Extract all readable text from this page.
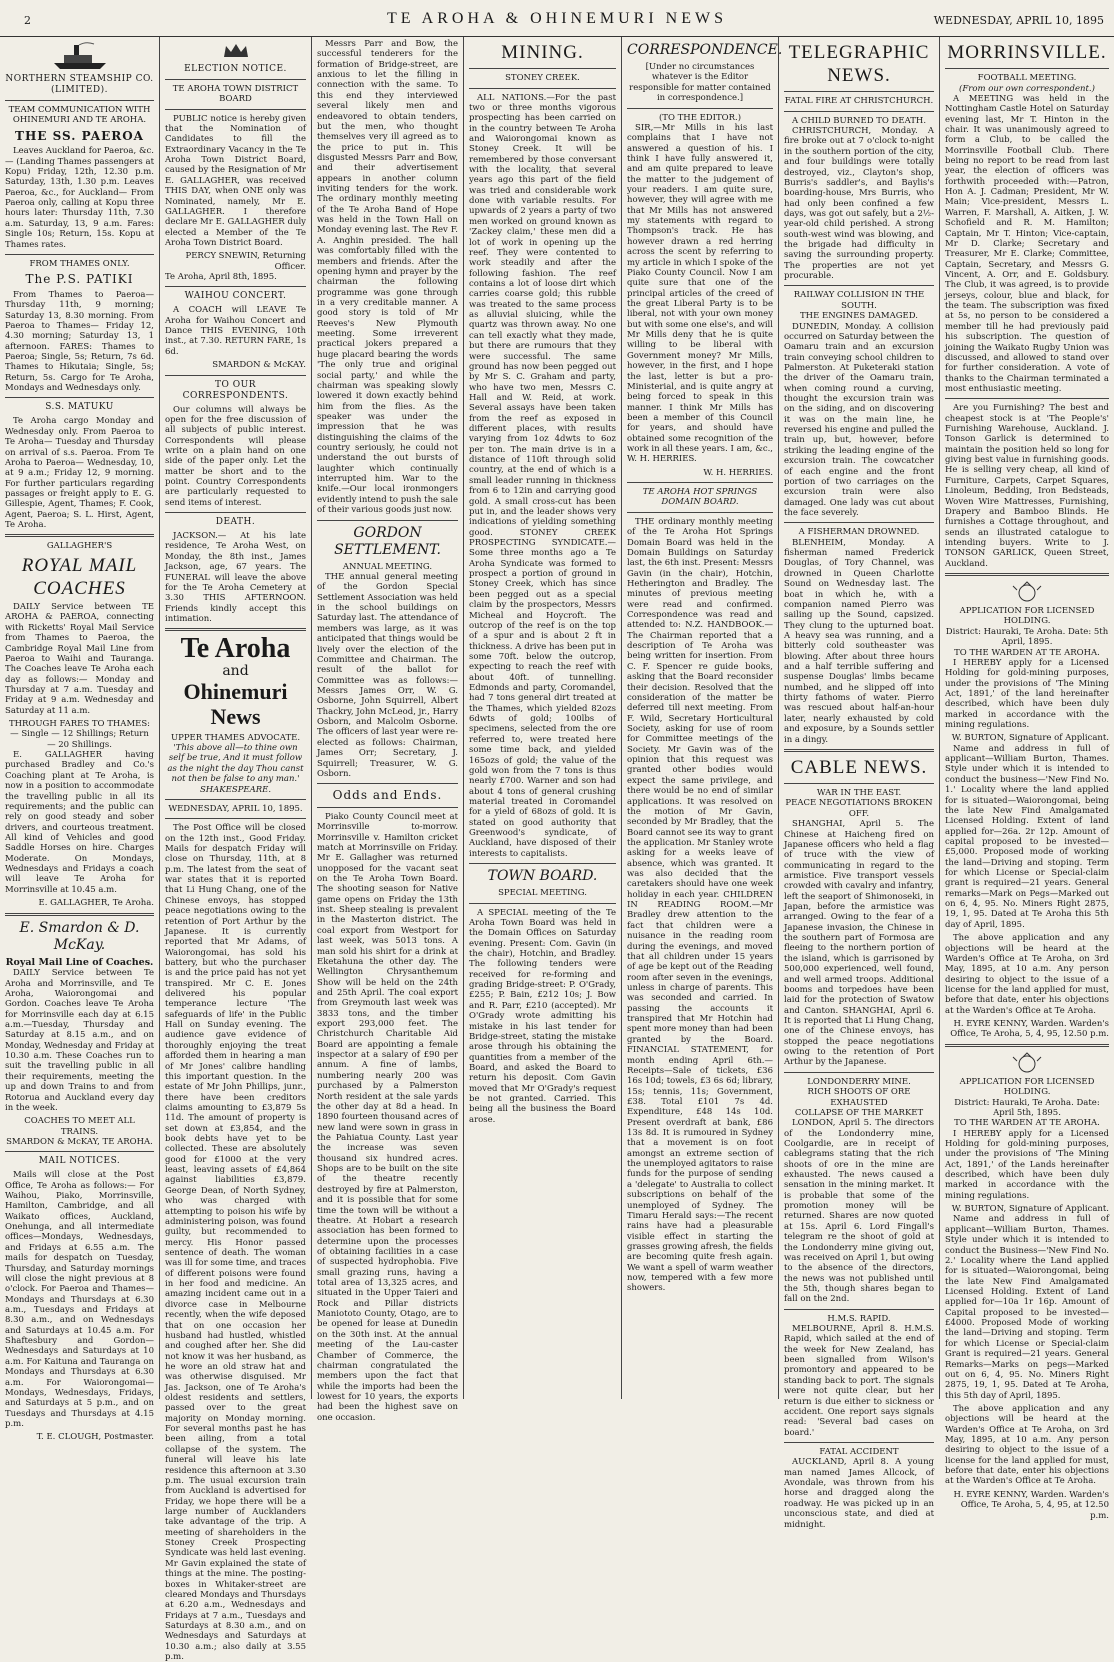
2	TE AROHA & OHINEMURI NEWS	WEDNESDAY, APRIL 10, 1895
NORTHERN STEAMSHIP CO. (LIMITED).
TEAM COMMUNICATION WITH OHINEMURI AND TE AROHA.
THE SS. PAEROA

Leaves Auckland for Paeroa, &c.— (Landing Thames passengers at Kopu) Friday, 12th, 12.30 p.m. Saturday, 13th, 1.30 p.m. Leaves Paeroa, &c., for Auckland— From Paeroa only, calling at Kopu three hours later: Thursday 11th, 7.30 a.m. Saturday, 13, 9 a.m. Fares: Single 10s; Return, 15s. Kopu at Thames rates.

FROM THAMES ONLY.
The P.S. PATIKI

From Thames to Paeroa— Thursday 11th, 9 morning; Saturday 13, 8.30 morning. From Paeroa to Thames— Friday 12, 4.30 morning; Saturday 13, 1 afternoon. FARES: Thames to Paeroa; Single, 5s; Return, 7s 6d. Thames to Hikutaia; Single, 5s; Return, 5s. Cargo for Te Aroha, Mondays and Wednesdays only.

S.S. MATUKU

Te Aroha cargo Monday and Wednesday only. From Paeroa to Te Aroha— Tuesday and Thursday on arrival of s.s. Paeroa. From Te Aroha to Paeroa— Wednesday, 10, at 9 a.m.; Friday 12, 9 morning. For further particulars regarding passages or freight apply to E. G. Gillespie, Agent, Thames; F. Cook, Agent, Paeroa; S. L. Hirst, Agent, Te Aroha.

GALLAGHER'S
ROYAL MAIL COACHES

DAILY Service between TE AROHA & PAEROA, connecting with Ricketts' Royal Mail Service from Thames to Paeroa, the Cambridge Royal Mail Line from Paeroa to Waihi and Tauranga. The Coaches leave Te Aroha each day as follows:— Monday and Thursday at 7 a.m. Tuesday and Friday at 9 a.m. Wednesday and Saturday at 11 a.m.

THROUGH FARES TO THAMES:— Single — 12 Shillings; Return — 20 Shillings.

E. GALLAGHER having purchased Bradley and Co.'s Coaching plant at Te Aroha, is now in a position to accommodate the travelling public in all its requirements; and the public can rely on good steady and sober drivers, and courteous treatment. All kind of Vehicles and good Saddle Horses on hire. Charges Moderate. On Mondays, Wednesdays and Fridays a coach will leave Te Aroha for Morrinsville at 10.45 a.m.

E. GALLAGHER, Te Aroha.
E. Smardon & D. McKay.
Royal Mail Line of Coaches.

DAILY Service between Te Aroha and Morrinsville, and Te Aroha, Waiorongomai and Gordon. Coaches leave Te Aroha for Morrinsville each day at 6.15 a.m.—Tuesday, Thursday and Saturday at 8.15 a.m., and on Monday, Wednesday and Friday at 10.30 a.m. These Coaches run to suit the travelling public in all their requirements, meeting the up and down Trains to and from Rotorua and Auckland every day in the week.

COACHES TO MEET ALL TRAINS.
SMARDON & McKAY, TE AROHA.
MAIL NOTICES.

Mails will close at the Post Office, Te Aroha as follows:— For Waihou, Piako, Morrinsville, Hamilton, Cambridge, and all Waikato offices, Auckland, Onehunga, and all intermediate offices—Mondays, Wednesdays, and Fridays at 6.55 a.m. The mails for despatch on Tuesday, Thursday, and Saturday mornings will close the night previous at 8 o'clock. For Paeroa and Thames—Mondays and Thursdays at 6.30 a.m., Tuesdays and Fridays at 8.30 a.m., and on Wednesdays and Saturdays at 10.45 a.m. For Shaftesbury and Gordon—Wednesdays and Saturdays at 10 a.m. For Kaituna and Tauranga on Mondays and Thursdays at 6.30 a.m. For Waiorongomai—Mondays, Wednesdays, Fridays, and Saturdays at 5 p.m., and on Tuesdays and Thursdays at 4.15 p.m.

T. E. CLOUGH, Postmaster.
ELECTION NOTICE.
TE AROHA TOWN DISTRICT BOARD

PUBLIC notice is hereby given that the Nomination of Candidates to fill the Extraordinary Vacancy in the Te Aroha Town District Board, caused by the Resignation of Mr E. GALLAGHER, was received THIS DAY, when ONE only was Nominated, namely, Mr E. GALLAGHER. I therefore declare Mr E. GALLAGHER duly elected a Member of the Te Aroha Town District Board.

PERCY SNEWIN, Returning Officer.
Te Aroha, April 8th, 1895.
WAIHOU CONCERT.

A COACH will LEAVE Te Aroha for Waihou Concert and Dance THIS EVENING, 10th inst., at 7.30. RETURN FARE, 1s 6d.

SMARDON & McKAY.
TO OUR CORRESPONDENTS.

Our columns will always be open for the free discussion of all subjects of public interest. Correspondents will please write on a plain hand on one side of the paper only. Let the matter be short and to the point. Country Correspondents are particularly requested to send items of interest.

DEATH.

JACKSON.— At his late residence, Te Aroha West, on Monday, the 8th inst., James Jackson, age, 67 years. The FUNERAL will leave the above for the Te Aroha Cemetery at 3.30 THIS AFTERNOON. Friends kindly accept this intimation.

Te Aroha
and
Ohinemuri News
UPPER THAMES ADVOCATE.
'This above all—to thine own self be true, And it must follow as the night the day Thou canst not then be false to any man.' SHAKESPEARE.
WEDNESDAY, APRIL 10, 1895.

The Post Office will be closed on the 12th inst., Good Friday. Mails for despatch Friday will close on Thursday, 11th, at 8 p.m. The latest from the seat of war states that it is reported that Li Hung Chang, one of the Chinese envoys, has stopped peace negotiations owing to the retention of Port Arthur by the Japanese. It is currently reported that Mr Adams, of Waiorongomai, has sold his battery, but who the purchaser is and the price paid has not yet transpired. Mr C. E. Jones delivered his popular temperance lecture 'The safeguards of life' in the Public Hall on Sunday evening. The audience gave evidence of thoroughly enjoying the treat afforded them in hearing a man of Mr Jones' calibre handling this important question. In the estate of Mr John Phillips, junr., there have been creditors claims amounting to £3,879 5s 11d. The amount of property is set down at £3,854, and the book debts have yet to be collected. These are absolutely good for £1000 at the very least, leaving assets of £4,864 against liabilities £3,879. George Dean, of North Sydney, who was charged with attempting to poison his wife by administering poison, was found guilty, but recommended to mercy. His Honor passed sentence of death. The woman was ill for some time, and traces of different poisons were found in her food and medicine. An amazing incident came out in a divorce case in Melbourne recently, when the wife deposed that on one occasion her husband had hustled, whistled and coughed after her. She did not know it was her husband, as he wore an old straw hat and was otherwise disguised. Mr Jas. Jackson, one of Te Aroha's oldest residents and settlers, passed over to the great majority on Monday morning. For several months past he has been ailing, from a total collapse of the system. The funeral will leave his late residence this afternoon at 3.30 p.m. The usual excursion train from Auckland is advertised for Friday, we hope there will be a large number of Aucklanders take advantage of the trip. A meeting of shareholders in the Stoney Creek Prospecting Syndicate was held last evening. Mr Gavin explained the state of things at the mine. The posting-boxes in Whitaker-street are cleared Mondays and Thursdays at 6.20 a.m., Wednesdays and Fridays at 7 a.m., Tuesdays and Saturdays at 8.30 a.m., and on Wednesdays and Saturdays at 10.30 a.m.; also daily at 3.55 p.m.

Messrs Parr and Bow, the successful tenderers for the formation of Bridge-street, are anxious to let the filling in connection with the same. To this end they interviewed several likely men and endeavored to obtain tenders, but the men, who thought themselves very ill agreed as to the price to put in. This disgusted Messrs Parr and Bow, and their advertisement appears in another column inviting tenders for the work. The ordinary monthly meeting of the Te Aroha Band of Hope was held in the Town Hall on Monday evening last. The Rev F. A. Anghin presided. The hall was comfortably filled with the members and friends. After the opening hymn and prayer by the chairman the following programme was gone through in a very creditable manner. A good story is told of Mr Reeves's New Plymouth meeting. Some irreverent practical jokers prepared a huge placard bearing the words 'The only true and original social party,' and while the chairman was speaking slowly lowered it down exactly behind him from the flies. As the speaker was under the impression that he was distinguishing the claims of the country seriously, he could not understand the out bursts of laughter which continually interrupted him. War to the knife.—Our local ironmongers evidently intend to push the sale of their various goods just now.

GORDON SETTLEMENT.
ANNUAL MEETING.

THE annual general meeting of the Gordon Special Settlement Association was held in the school buildings on Saturday last. The attendance of members was large, as it was anticipated that things would be lively over the election of the Committee and Chairman. The result of the ballot for Committee was as follows:—Messrs James Orr, W. G. Osborne, John Squirrell, Albert Thackry, John McLeod, jr., Harry Osborn, and Malcolm Osborne. The officers of last year were re-elected as follows: Chairman, James Orr; Secretary, J. Squirrell; Treasurer, W. G. Osborn.

Odds and Ends.

Piako County Council meet at Morrinsville to-morrow. Morrinsville v. Hamilton cricket match at Morrinsville on Friday. Mr E. Gallagher was returned unopposed for the vacant seat on the Te Aroha Town Board. The shooting season for Native game opens on Friday the 13th inst. Sheep stealing is prevalent in the Masterton district. The coal export from Westport for last week, was 5013 tons. A man sold his shirt for a drink at Eketahuna the other day. The Wellington Chrysanthemum Show will be held on the 24th and 25th April. The coal export from Greymouth last week was 3833 tons, and the timber export 293,000 feet. The Christchurch Charitable Aid Board are appointing a female inspector at a salary of £90 per annum. A fine of lambs, numbering nearly 200 was purchased by a Palmerston North resident at the sale yards the other day at 8d a head. In 1890 fourteen thousand acres of new land were sown in grass in the Pahiatua County. Last year the increase was seven thousand six hundred acres. Shops are to be built on the site of the theatre recently destroyed by fire at Palmerston, and it is possible that for some time the town will be without a theatre. At Hobart a research association has been formed to determine upon the processes of obtaining facilities in a case of suspected hydrophobia. Five small grazing runs, having a total area of 13,325 acres, and situated in the Upper Taieri and Rock and Pillar districts Maniototo County, Otago, are to be opened for lease at Dunedin on the 30th inst. At the annual meeting of the Lau-caster Chamber of Commerce, the chairman congratulated the members upon the fact that while the imports had been the lowest for 10 years, the exports had been the highest save on one occasion.

MINING.
STONEY CREEK.

ALL NATIONS.—For the past two or three months vigorous prospecting has been carried on in the country between Te Aroha and Waiorongomai known as Stoney Creek. It will be remembered by those conversant with the locality, that several years ago this part of the field was tried and considerable work done with variable results. For upwards of 2 years a party of two men worked on ground known as 'Zackey claim,' these men did a lot of work in opening up the reef. They were contented to work steadily and after the following fashion. The reef contains a lot of loose dirt which carries coarse gold; this rubble was treated to the same process as alluvial sluicing, while the quartz was thrown away. No one can tell exactly what they made, but there are rumours that they were successful. The same ground has now been pegged out by Mr S. C. Graham and party, who have two men, Messrs C. Hall and W. Reid, at work. Several assays have been taken from the reef as exposed in different places, with results varying from 1oz 4dwts to 6oz per ton. The main drive is in a distance of 110ft through solid country, at the end of which is a small leader running in thickness from 6 to 12in and carrying good gold. A small cross-cut has been put in, and the leader shows very indications of yielding something good. STONEY CREEK PROSPECTING SYNDICATE.—Some three months ago a Te Aroha Syndicate was formed to prospect a portion of ground in Stoney Creek, which has since been pegged out as a special claim by the prospectors, Messrs Micheal and Hoycroft. The outcrop of the reef is on the top of a spur and is about 2 ft in thickness. A drive has been put in some 70ft. below the outcrop, expecting to reach the reef with about 40ft. of tunnelling. Edmonds and party, Coromandel, had 7 tons general dirt treated at the Thames, which yielded 82ozs 6dwts of gold; 100lbs of specimens, selected from the ore referred to, were treated here some time back, and yielded 165ozs of gold; the value of the gold won from the 7 tons is thus nearly £700. Warner and son had about 4 tons of general crushing material treated in Coromandel for a yield of 68ozs of gold. It is stated on good authority that Greenwood's syndicate, of Auckland, have disposed of their interests to capitalists.

TOWN BOARD.
SPECIAL MEETING.

A SPECIAL meeting of the Te Aroha Town Board was held in the Domain Offices on Saturday evening. Present: Com. Gavin (in the chair), Hotchin, and Bradley. The following tenders were received for re-forming and grading Bridge-street: P. O'Grady, £255; P. Bain, £212 10s; J. Bow and R. Parr, £210 (accepted). Mr O'Grady wrote admitting his mistake in his last tender for Bridge-street, stating the mistake arose through his obtaining the quantities from a member of the Board, and asked the Board to return his deposit. Com Gavin moved that Mr O'Grady's request be not granted. Carried. This being all the business the Board arose.

CORRESPONDENCE.
[Under no circumstances whatever is the Editor responsible for matter contained in correspondence.]
(TO THE EDITOR.)

SIR,—Mr Mills in his last complains that I have not answered a question of his. I think I have fully answered it, and am quite prepared to leave the matter to the judgement of your readers. I am quite sure, however, they will agree with me that Mr Mills has not answered my statements with regard to Thompson's track. He has however drawn a red herring across the scent by referring to my article in which I spoke of the Piako County Council. Now I am quite sure that one of the principal articles of the creed of the great Liberal Party is to be liberal, not with your own money but with some one else's, and will Mr Mills deny that he is quite willing to be liberal with Government money? Mr Mills, however, in the first, and I hope the last, letter is but a pro-Ministerial, and is quite angry at being forced to speak in this manner. I think Mr Mills has been a member of this Council for years, and should have obtained some recognition of the work in all these years. I am, &c., W. H. HERRIES.

W. H. HERRIES.
TE AROHA HOT SPRINGS DOMAIN BOARD.

THE ordinary monthly meeting of the Te Aroha Hot Springs Domain Board was held in the Domain Buildings on Saturday last, the 6th inst. Present: Messrs Gavin (in the chair), Hotchin, Hetherington and Bradley. The minutes of previous meeting were read and confirmed. Correspondence was read and attended to: N.Z. HANDBOOK.—The Chairman reported that a description of Te Aroha was being written for insertion. From C. F. Spencer re guide books, asking that the Board reconsider their decision. Resolved that the consideration of the matter be deferred till next meeting. From F. Wild, Secretary Horticultural Society, asking for use of room for Committee meetings of the Society. Mr Gavin was of the opinion that this request was granted other bodies would expect the same privilege, and there would be no end of similar applications. It was resolved on the motion of Mr Gavin, seconded by Mr Bradley, that the Board cannot see its way to grant the application. Mr Stanley wrote asking for a weeks leave of absence, which was granted. It was also decided that the caretakers should have one week holiday in each year. CHILDREN IN READING ROOM.—Mr Bradley drew attention to the fact that children were a nuisance in the reading room during the evenings, and moved that all children under 15 years of age be kept out of the Reading room after seven in the evenings, unless in charge of parents. This was seconded and carried. In passing the accounts it transpired that Mr Hotchin had spent more money than had been granted by the Board. FINANCIAL STATEMENT, for month ending April 6th.—Receipts—Sale of tickets, £36 16s 10d; towels, £3 6s 6d; library, 15s; tennis, 11s; Government, £38. Total £101 7s 4d. Expenditure, £48 14s 10d. Present overdraft at bank, £86 13s 8d. It is rumoured in Sydney that a movement is on foot amongst an extreme section of the unemployed agitators to raise funds for the purpose of sending a 'delegate' to Australia to collect subscriptions on behalf of the unemployed of Sydney. The Timaru Herald says:—The recent rains have had a pleasurable visible effect in starting the grasses growing afresh, the fields are becoming quite fresh again. We want a spell of warm weather now, tempered with a few more showers.

TELEGRAPHIC NEWS.
FATAL FIRE AT CHRISTCHURCH.
A CHILD BURNED TO DEATH.

CHRISTCHURCH, Monday. A fire broke out at 7 o'clock to-night in the southern portion of the city, and four buildings were totally destroyed, viz., Clayton's shop, Burris's saddler's, and Baylis's boarding-house, Mrs Burris, who had only been confined a few days, was got out safely, but a 2½-year-old child perished. A strong south-west wind was blowing, and the brigade had difficulty in saving the surrounding property. The properties are not yet procurable.

RAILWAY COLLISION IN THE SOUTH.
THE ENGINES DAMAGED.

DUNEDIN, Monday. A collision occurred on Saturday between the Oamaru train and an excursion train conveying school children to Palmerston. At Puketeraki station the driver of the Oamaru train, when coming round a curving, thought the excursion train was on the siding, and on discovering it was on the main line, he reversed his engine and pulled the train up, but, however, before striking the leading engine of the excursion train. The cowcatcher of each engine and the front portion of two carriages on the excursion train were also damaged. One lady was cut about the face severely.

A FISHERMAN DROWNED.

BLENHEIM, Monday. A fisherman named Frederick Douglas, of Tory Channel, was drowned in Queen Charlotte Sound on Wednesday last. The boat in which he, with a companion named Pierro was sailing up the Sound, capsized. They clung to the upturned boat. A heavy sea was running, and a bitterly cold southeaster was blowing. After about three hours and a half terrible suffering and suspense Douglas' limbs became numbed, and he slipped off into thirty fathoms of water. Pierro was rescued about half-an-hour later, nearly exhausted by cold and exposure, by a Sounds settler in a dingy.

CABLE NEWS.
WAR IN THE EAST.
PEACE NEGOTIATIONS BROKEN OFF.

SHANGHAI, April 5. The Chinese at Haicheng fired on Japanese officers who held a flag of truce with the view of communicating in regard to the armistice. Five transport vessels crowded with cavalry and infantry, left the seaport of Shimonoseki, in Japan, before the armistice was arranged. Owing to the fear of a Japanese invasion, the Chinese in the southern part of Formosa are fleeing to the northern portion of the island, which is garrisoned by 500,000 experienced, well found, and well armed troops. Additional booms and torpedoes have been laid for the protection of Swatow and Canton. SHANGHAI, April 6. It is reported that Li Hung Chang, one of the Chinese envoys, has stopped the peace negotiations owing to the retention of Port Arthur by the Japanese.

LONDONDERRY MINE.
RICH SHOOTS OF ORE EXHAUSTED
COLLAPSE OF THE MARKET

LONDON, April 5. The directors of the Londonderry mine, Coolgardie, are in receipt of cablegrams stating that the rich shoots of ore in the mine are exhausted. The news caused a sensation in the mining market. It is probable that some of the promotion money will be returned. Shares are now quoted at 15s. April 6. Lord Fingall's telegram re the shoot of gold at the Londonderry mine giving out, was received on April 1, but owing to the absence of the directors, the news was not published until the 5th, though shares began to fall on the 2nd.

H.M.S. RAPID.

MELBOURNE, April 8. H.M.S. Rapid, which sailed at the end of the week for New Zealand, has been signalled from Wilson's promontory and appeared to be standing back to port. The signals were not quite clear, but her return is due either to sickness or accident. One report says signals read: 'Several bad cases on board.'

FATAL ACCIDENT

AUCKLAND, April 8. A young man named James Allcock, of Avondale, was thrown from his horse and dragged along the roadway. He was picked up in an unconscious state, and died at midnight.

MORRINSVILLE.
FOOTBALL MEETING.
(From our own correspondent.)

A MEETING was held in the Nottingham Castle Hotel on Saturday evening last, Mr T. Hinton in the chair. It was unanimously agreed to form a Club, to be called the Morrinsville Football Club. There being no report to be read from last year, the election of officers was forthwith proceeded with:—Patron, Hon A. J. Cadman; President, Mr W. Main; Vice-president, Messrs L. Warren, F. Marshall, A. Aitken, J. W. Schofield and R. M. Hamilton; Captain, Mr T. Hinton; Vice-captain, Mr D. Clarke; Secretary and Treasurer, Mr E. Clarke; Committee, Captain, Secretary, and Messrs G. Vincent, A. Orr, and E. Goldsbury. The Club, it was agreed, is to provide jerseys, colour, blue and black, for the team. The subscription was fixed at 5s, no person to be considered a member till he had previously paid his subscription. The question of joining the Waikato Rugby Union was discussed, and allowed to stand over for further consideration. A vote of thanks to the Chairman terminated a most enthusiastic meeting.

Are you Furnishing? The best and cheapest stock is at 'The People's' Furnishing Warehouse, Auckland. J. Tonson Garlick is determined to maintain the position held so long for giving best value in furnishing goods. He is selling very cheap, all kind of Furniture, Carpets, Carpet Squares, Linoleum, Bedding, Iron Bedsteads, Woven Wire Mattresses, Furnishing, Drapery and Bamboo Blinds. He furnishes a Cottage throughout, and sends an illustrated catalogue to intending buyers. Write to J. TONSON GARLICK, Queen Street, Auckland.

APPLICATION FOR LICENSED HOLDING.
District: Hauraki, Te Aroha. Date: 5th April, 1895.
TO THE WARDEN AT TE AROHA.

I HEREBY apply for a Licensed Holding for gold-mining purposes, under the provisions of 'The Mining Act, 1891,' of the land hereinafter described, which have been duly marked in accordance with the mining regulations.

W. BURTON, Signature of Applicant.

Name and address in full of applicant—William Burton, Thames. Style under which it is intended to conduct the business—'New Find No. 1.' Locality where the land applied for is situated—Waiorongomai, being the late New Find Amalgamated Licensed Holding. Extent of land applied for—26a. 2r 12p. Amount of capital proposed to be invested—£5,000. Proposed mode of working the land—Driving and stoping. Term for which License or Special-claim grant is required—21 years. General remarks—Mark on Pegs—Marked out on 6, 4, 95. No. Miners Right 2875, 19, 1, 95. Dated at Te Aroha this 5th day of April, 1895.

The above application and any objections will be heard at the Warden's Office at Te Aroha, on 3rd May, 1895, at 10 a.m. Any person desiring to object to the issue of a license for the land applied for must, before that date, enter his objections at the Warden's Office at Te Aroha.

H. EYRE KENNY, Warden. Warden's Office, Te Aroha, 5, 4, 95, 12.50 p.m.
APPLICATION FOR LICENSED HOLDING.
District: Hauraki, Te Aroha. Date: April 5th, 1895.
TO THE WARDEN AT TE AROHA.

I HEREBY apply for a Licensed Holding for gold-mining purposes, under the provisions of 'The Mining Act, 1891,' of the Lands hereinafter described, which have been duly marked in accordance with the mining regulations.

W. BURTON, Signature of Applicant.

Name and address in full of applicant—William Burton, Thames. Style under which it is intended to conduct the Business—'New Find No. 2.' Locality where the Land applied for is situated—Waiorongomai, being the late New Find Amalgamated Licensed Holding. Extent of Land applied for—10a 1r 16p. Amount of Capital proposed to be invested—£4000. Proposed Mode of working the land—Driving and stoping. Term for which License or Special-claim Grant is required—21 years. General Remarks—Marks on pegs—Marked out on 6, 4, 95. No. Miners Right 2875, 19, 1, 95. Dated at Te Aroha, this 5th day of April, 1895.

The above application and any objections will be heard at the Warden's Office at Te Aroha, on 3rd May, 1895, at 10 a.m. Any person desiring to object to the issue of a license for the land applied for must, before that date, enter his objections at the Warden's Office at Te Aroha.

H. EYRE KENNY, Warden. Warden's Office, Te Aroha, 5, 4, 95, at 12.50 p.m.
